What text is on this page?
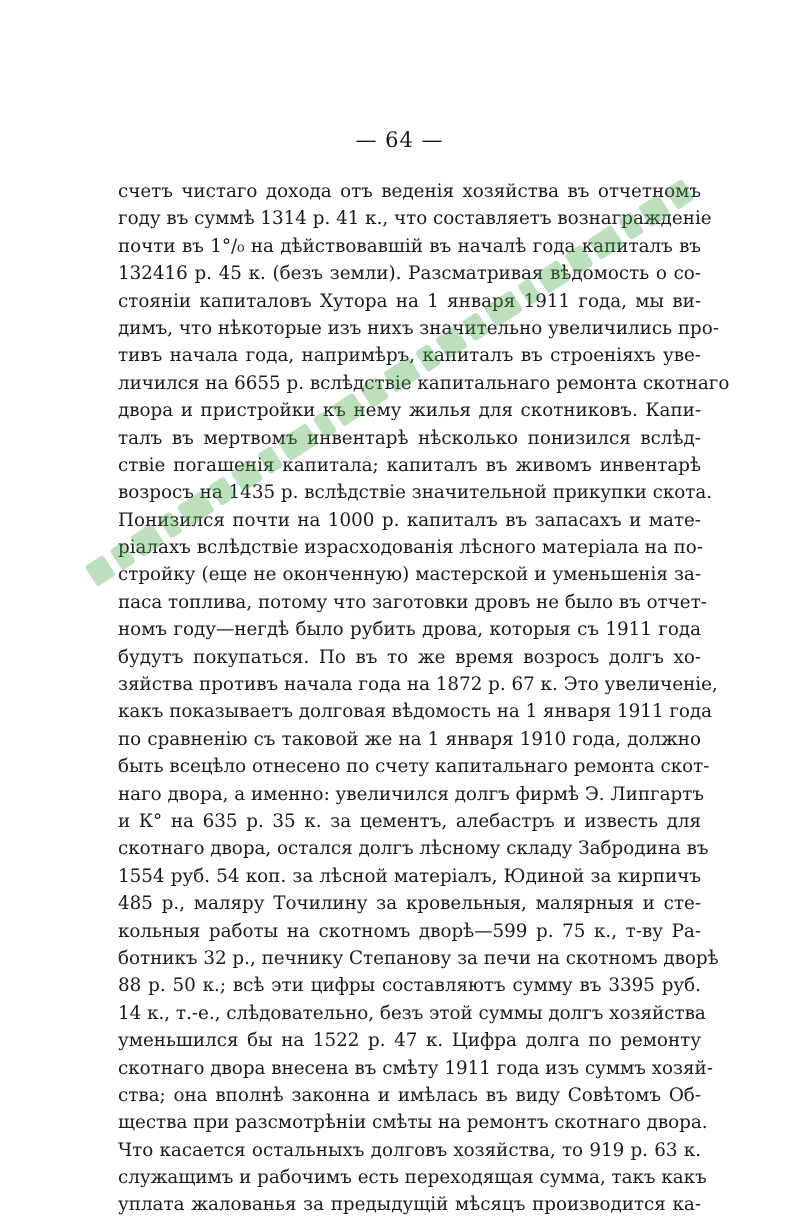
— 64 —
счетъ чистаго дохода отъ веденія хозяйства въ отчетномъ
году въ суммѣ 1314 р. 41 к., что составляетъ вознагражденіе
почти въ 1°/₀ на дѣйствовавшій въ началѣ года капиталъ въ
132416 р. 45 к. (безъ земли). Разсматривая вѣдомость о со-
стояніи капиталовъ Хутора на 1 января 1911 года, мы ви-
димъ, что нѣкоторые изъ нихъ значительно увеличились про-
тивъ начала года, напримѣръ, капиталъ въ строеніяхъ уве-
личился на 6655 р. вслѣдствіе капитальнаго ремонта скотнаго
двора и пристройки къ нему жилья для скотниковъ. Капи-
талъ въ мертвомъ инвентарѣ нѣсколько понизился вслѣд-
ствіе погашенія капитала; капиталъ въ живомъ инвентарѣ
возросъ на 1435 р. вслѣдствіе значительной прикупки скота.
Понизился почти на 1000 р. капиталъ въ запасахъ и мате-
ріалахъ вслѣдствіе израсходованія лѣсного матеріала на по-
стройку (еще не оконченную) мастерской и уменьшенія за-
паса топлива, потому что заготовки дровъ не было въ отчет-
номъ году—негдѣ было рубить дрова, которыя съ 1911 года
будутъ покупаться. По въ то же время возросъ долгъ хо-
зяйства противъ начала года на 1872 р. 67 к. Это увеличеніе,
какъ показываетъ долговая вѣдомость на 1 января 1911 года
по сравненію съ таковой же на 1 января 1910 года, должно
быть всецѣло отнесено по счету капитальнаго ремонта скот-
наго двора, а именно: увеличился долгъ фирмѣ Э. Липгартъ
и К° на 635 р. 35 к. за цементъ, алебастръ и известь для
скотнаго двора, остался долгъ лѣсному складу Забродина въ
1554 руб. 54 коп. за лѣсной матеріалъ, Юдиной за кирпичъ
485 р., маляру Точилину за кровельныя, малярныя и сте-
кольныя работы на скотномъ дворѣ—599 р. 75 к., т-ву Ра-
ботникъ 32 р., печнику Степанову за печи на скотномъ дворѣ
88 р. 50 к.; всѣ эти цифры составляютъ сумму въ 3395 руб.
14 к., т.-е., слѣдовательно, безъ этой суммы долгъ хозяйства
уменьшился бы на 1522 р. 47 к. Цифра долга по ремонту
скотнаго двора внесена въ смѣту 1911 года изъ суммъ хозяй-
ства; она вполнѣ законна и имѣлась въ виду Совѣтомъ Об-
щества при разсмотрѣніи смѣты на ремонтъ скотнаго двора.
Что касается остальныхъ долговъ хозяйства, то 919 р. 63 к.
служащимъ и рабочимъ есть переходящая сумма, такъ какъ
уплата жалованья за предыдущій мѣсяцъ производится ка-
